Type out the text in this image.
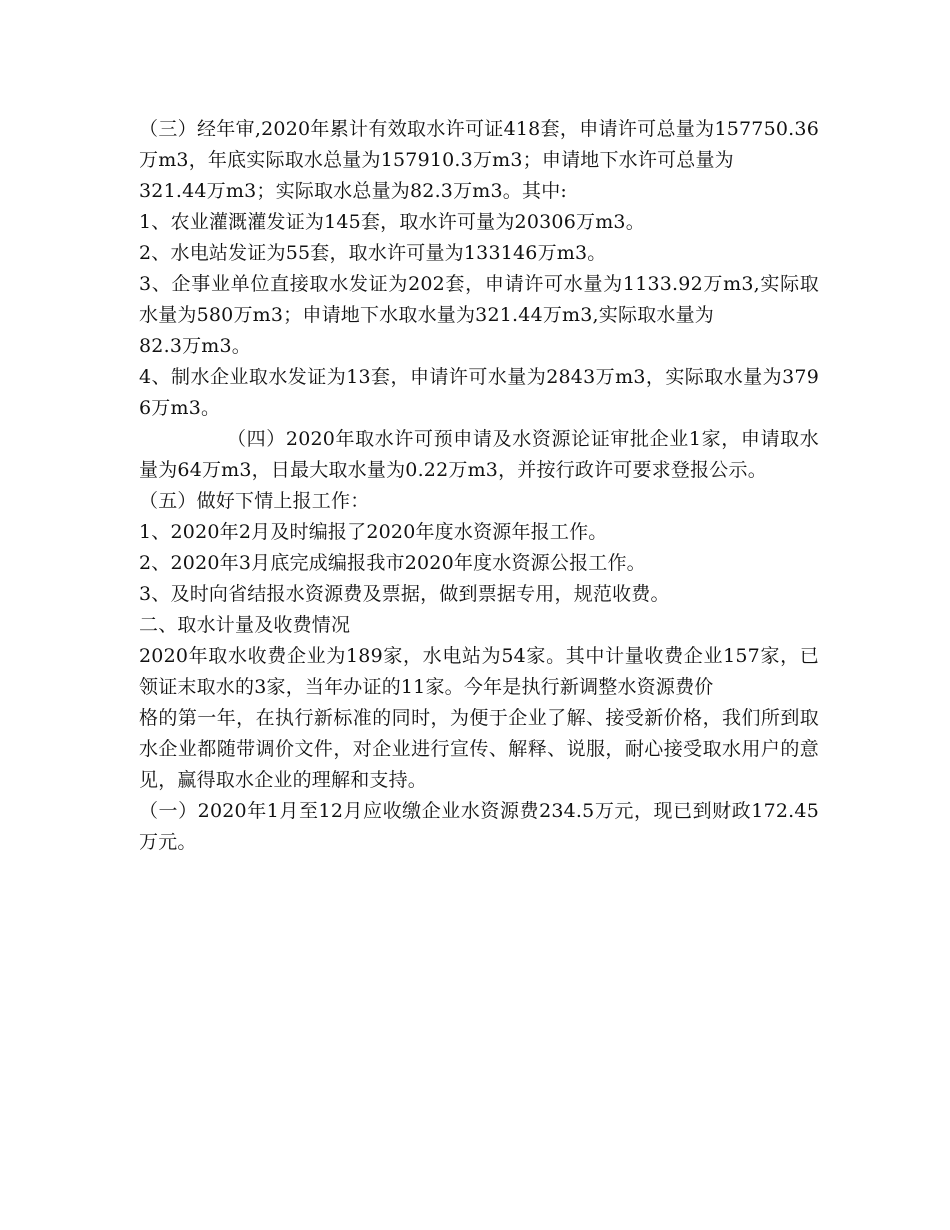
（三）经年审,2020年累计有效取水许可证418套，申请许可总量为157750.36万m3，年底实际取水总量为157910.3万m3；申请地下水许可总量为

321.44万m3；实际取水总量为82.3万m3。其中:

1、农业灌溉灌发证为145套，取水许可量为20306万m3。

2、水电站发证为55套，取水许可量为133146万m3。

3、企事业单位直接取水发证为202套，申请许可水量为1133.92万m3,实际取水量为580万m3；申请地下水取水量为321.44万m3,实际取水量为

82.3万m3。

4、制水企业取水发证为13套，申请许可水量为2843万m3，实际取水量为3796万m3。

（四）2020年取水许可预申请及水资源论证审批企业1家，申请取水量为64万m3，日最大取水量为0.22万m3，并按行政许可要求登报公示。

（五）做好下情上报工作：

1、2020年2月及时编报了2020年度水资源年报工作。

2、2020年3月底完成编报我市2020年度水资源公报工作。

3、及时向省结报水资源费及票据，做到票据专用，规范收费。

二、取水计量及收费情况

2020年取水收费企业为189家，水电站为54家。其中计量收费企业157家，已领证末取水的3家，当年办证的11家。今年是执行新调整水资源费价

格的第一年，在执行新标准的同时，为便于企业了解、接受新价格，我们所到取水企业都随带调价文件，对企业进行宣传、解释、说服，耐心接受取水用户的意见，赢得取水企业的理解和支持。

（一）2020年1月至12月应收缴企业水资源费234.5万元，现已到财政172.45万元。
